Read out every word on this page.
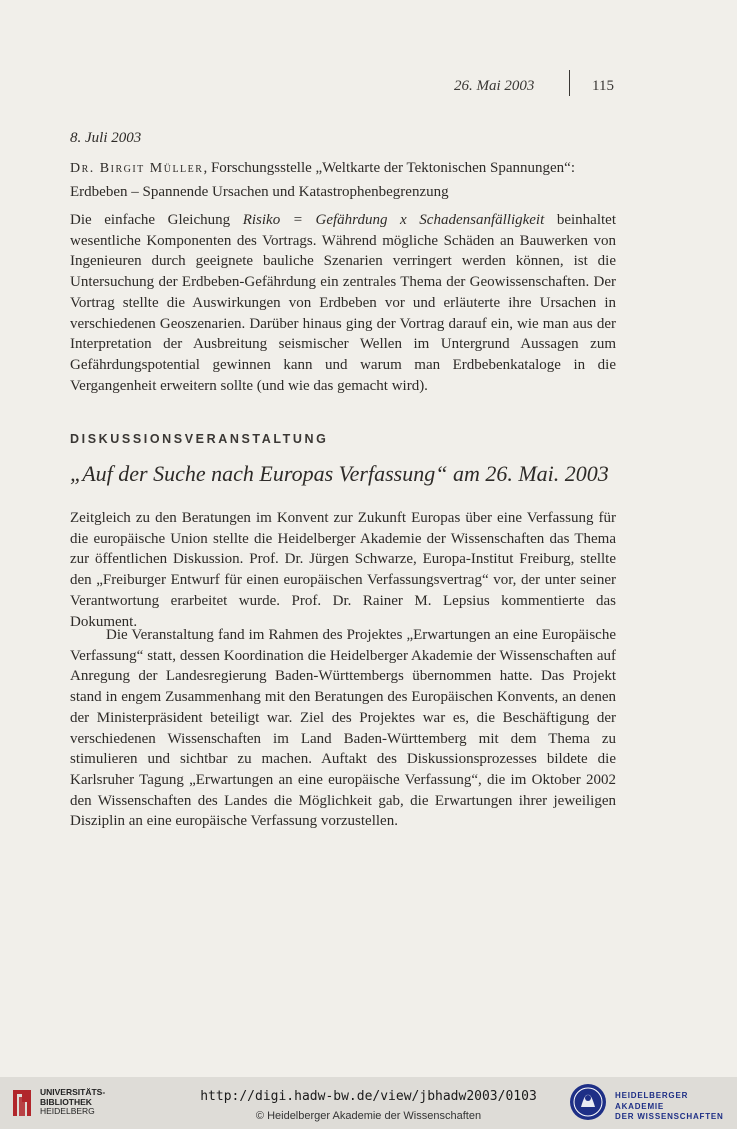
26. Mai 2003	115
8. Juli 2003
Dr. Birgit Müller, Forschungsstelle „Weltkarte der Tektonischen Spannungen“:
Erdbeben – Spannende Ursachen und Katastrophenbegrenzung
Die einfache Gleichung Risiko = Gefährdung x Schadensanfälligkeit beinhaltet wesentliche Komponenten des Vortrags. Während mögliche Schäden an Bauwerken von Ingenieuren durch geeignete bauliche Szenarien verringert werden können, ist die Untersuchung der Erdbeben-Gefährdung ein zentrales Thema der Geowissenschaften. Der Vortrag stellte die Auswirkungen von Erdbeben vor und erläuterte ihre Ursachen in verschiedenen Geoszenarien. Darüber hinaus ging der Vortrag darauf ein, wie man aus der Interpretation der Ausbreitung seismischer Wellen im Untergrund Aussagen zum Gefährdungspotential gewinnen kann und warum man Erdbebenkataloge in die Vergangenheit erweitern sollte (und wie das gemacht wird).
DISKUSSIONSVERANSTALTUNG
„Auf der Suche nach Europas Verfassung“ am 26. Mai. 2003
Zeitgleich zu den Beratungen im Konvent zur Zukunft Europas über eine Verfassung für die europäische Union stellte die Heidelberger Akademie der Wissenschaften das Thema zur öffentlichen Diskussion. Prof. Dr. Jürgen Schwarze, Europa-Institut Freiburg, stellte den „Freiburger Entwurf für einen europäischen Verfassungsvertrag“ vor, der unter seiner Verantwortung erarbeitet wurde. Prof. Dr. Rainer M. Lepsius kommentierte das Dokument.
Die Veranstaltung fand im Rahmen des Projektes „Erwartungen an eine Europäische Verfassung“ statt, dessen Koordination die Heidelberger Akademie der Wissenschaften auf Anregung der Landesregierung Baden-Württembergs übernommen hatte. Das Projekt stand in engem Zusammenhang mit den Beratungen des Europäischen Konvents, an denen der Ministerpräsident beteiligt war. Ziel des Projektes war es, die Beschäftigung der verschiedenen Wissenschaften im Land Baden-Württemberg mit dem Thema zu stimulieren und sichtbar zu machen. Auftakt des Diskussionsprozesses bildete die Karlsruher Tagung „Erwartungen an eine europäische Verfassung“, die im Oktober 2002 den Wissenschaften des Landes die Möglichkeit gab, die Erwartungen ihrer jeweiligen Disziplin an eine europäische Verfassung vorzustellen.
UNIVERSITÄTS-
BIBLIOTHEK
HEIDELBERG
http://digi.hadw-bw.de/view/jbhadw2003/0103
© Heidelberger Akademie der Wissenschaften
HEIDELBERGER AKADEMIE
DER WISSENSCHAFTEN
